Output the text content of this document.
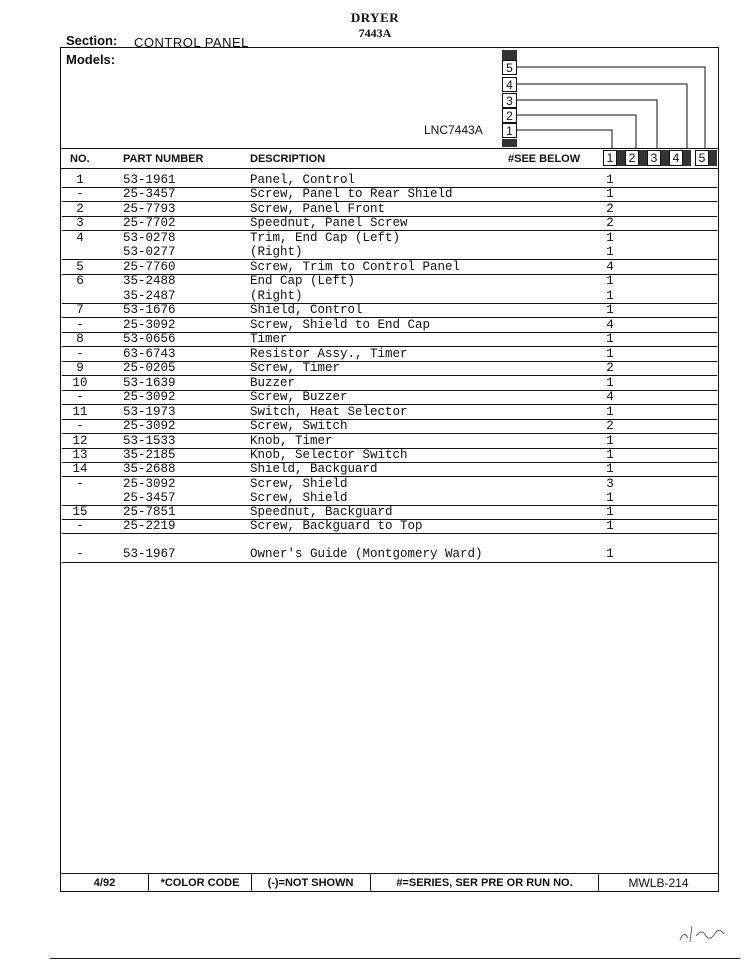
DRYER
7443A
Section: CONTROL PANEL
Models:
LNC7443A
5
4
3
2
1
NO.	PART NUMBER	DESCRIPTION	#SEE BELOW	1	2	3	4	5
1	53-1961	Panel, Control	1
-	25-3457	Screw, Panel to Rear Shield	1
2	25-7793	Screw, Panel Front	2
3	25-7702	Speednut, Panel Screw	2
4	53-0278	Trim, End Cap (Left)	1
53-0277	(Right)	1
5	25-7760	Screw, Trim to Control Panel	4
6	35-2488	End Cap (Left)	1
35-2487	(Right)	1
7	53-1676	Shield, Control	1
-	25-3092	Screw, Shield to End Cap	4
8	53-0656	Timer	1
-	63-6743	Resistor Assy., Timer	1
9	25-0205	Screw, Timer	2
10	53-1639	Buzzer	1
-	25-3092	Screw, Buzzer	4
11	53-1973	Switch, Heat Selector	1
-	25-3092	Screw, Switch	2
12	53-1533	Knob, Timer	1
13	35-2185	Knob, Selector Switch	1
14	35-2688	Shield, Backguard	1
-	25-3092	Screw, Shield	3
25-3457	Screw, Shield	1
15	25-7851	Speednut, Backguard	1
-	25-2219	Screw, Backguard to Top	1
-	53-1967	Owner's Guide (Montgomery Ward)	1
4/92	*COLOR CODE	(-)=NOT SHOWN	#=SERIES, SER PRE OR RUN NO.	MWLB-214
